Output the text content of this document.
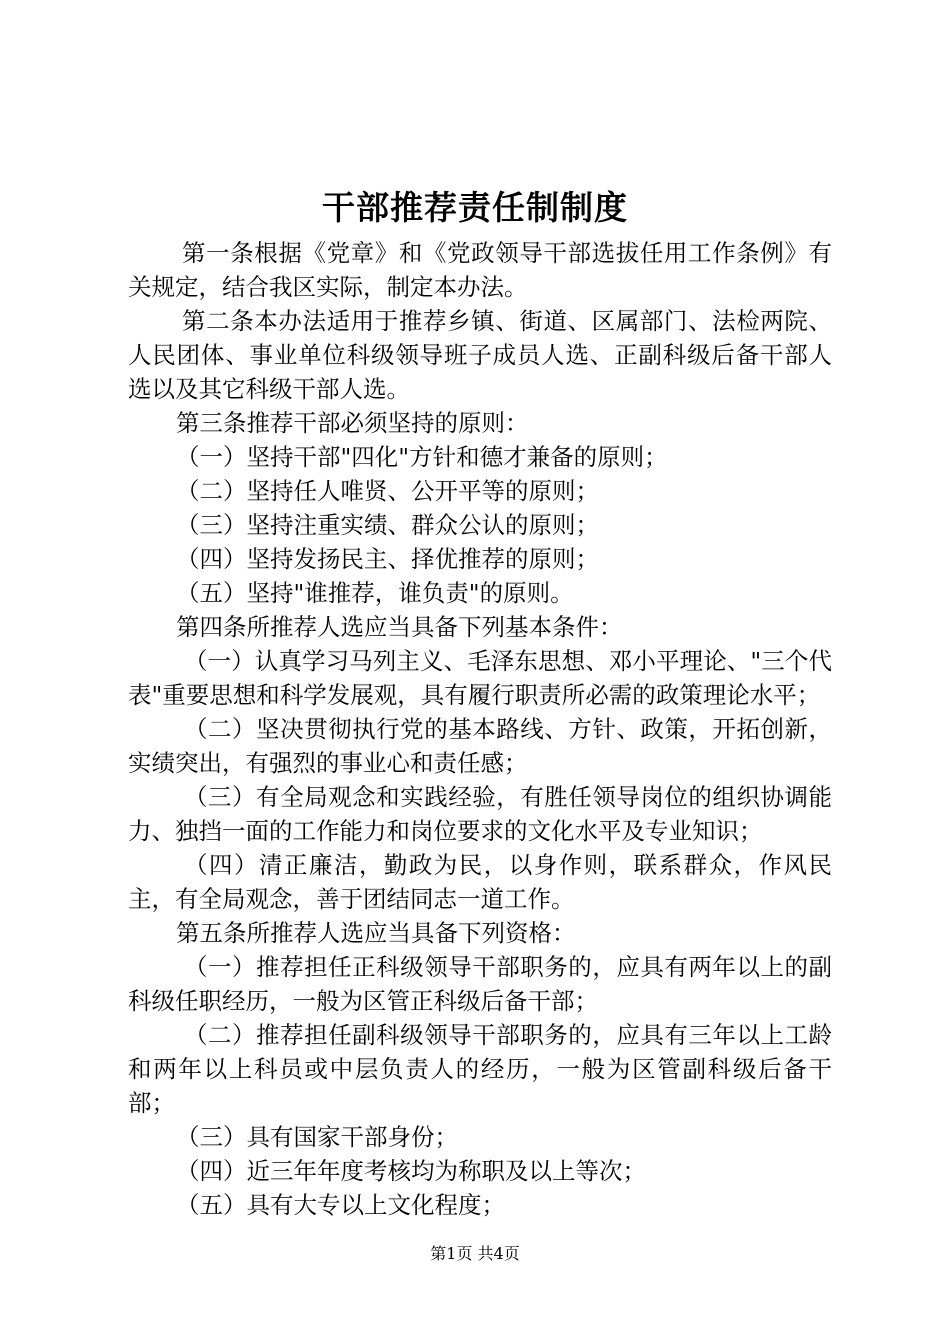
干部推荐责任制制度

第一条根据《党章》和《党政领导干部选拔任用工作条例》有关规定，结合我区实际，制定本办法。

第二条本办法适用于推荐乡镇、街道、区属部门、法检两院、人民团体、事业单位科级领导班子成员人选、正副科级后备干部人选以及其它科级干部人选。

第三条推荐干部必须坚持的原则：

（一）坚持干部"四化"方针和德才兼备的原则；

（二）坚持任人唯贤、公开平等的原则；

（三）坚持注重实绩、群众公认的原则；

（四）坚持发扬民主、择优推荐的原则；

（五）坚持"谁推荐，谁负责"的原则。

第四条所推荐人选应当具备下列基本条件：

（一）认真学习马列主义、毛泽东思想、邓小平理论、"三个代表"重要思想和科学发展观，具有履行职责所必需的政策理论水平；

（二）坚决贯彻执行党的基本路线、方针、政策，开拓创新，实绩突出，有强烈的事业心和责任感；

（三）有全局观念和实践经验，有胜任领导岗位的组织协调能力、独挡一面的工作能力和岗位要求的文化水平及专业知识；

（四）清正廉洁，勤政为民，以身作则，联系群众，作风民主，有全局观念，善于团结同志一道工作。

第五条所推荐人选应当具备下列资格：

（一）推荐担任正科级领导干部职务的，应具有两年以上的副科级任职经历，一般为区管正科级后备干部；

（二）推荐担任副科级领导干部职务的，应具有三年以上工龄和两年以上科员或中层负责人的经历，一般为区管副科级后备干部；

（三）具有国家干部身份；

（四）近三年年度考核均为称职及以上等次；

（五）具有大专以上文化程度；

第1页 共4页
